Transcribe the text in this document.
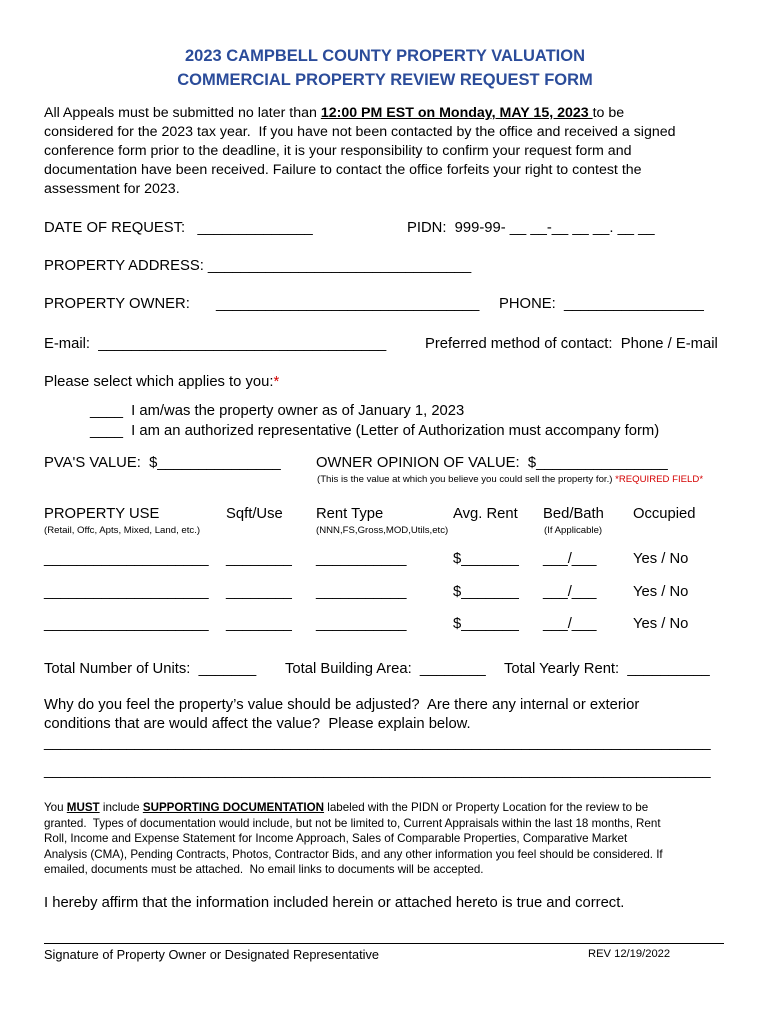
2023 CAMPBELL COUNTY PROPERTY VALUATION
COMMERCIAL PROPERTY REVIEW REQUEST FORM
All Appeals must be submitted no later than 12:00 PM EST on Monday, MAY 15, 2023 to be
considered for the 2023 tax year.  If you have not been contacted by the office and received a signed
conference form prior to the deadline, it is your responsibility to confirm your request form and
documentation have been received. Failure to contact the office forfeits your right to contest the
assessment for 2023.
DATE OF REQUEST:   ______________	PIDN:  999-99- __ __-__ __ __. __ __
PROPERTY ADDRESS: ________________________________
PROPERTY OWNER: ________________________________ PHONE:  _________________
E-mail:  ___________________________________	Preferred method of contact:  Phone / E-mail
Please select which applies to you:*
____  I am/was the property owner as of January 1, 2023
____  I am an authorized representative (Letter of Authorization must accompany form)
PVA'S VALUE:  $_______________ OWNER OPINION OF VALUE:  $________________
(This is the value at which you believe you could sell the property for.) *REQUIRED FIELD*
PROPERTY USE	Sqft/Use Rent Type	Avg. Rent Bed/Bath Occupied
(Retail, Offc, Apts, Mixed, Land, etc.)	(NNN,FS,Gross,MOD,Utils,etc)	(If Applicable)
____________________ ________ ___________	$_______ ___/___ Yes / No
____________________ ________ ___________	$_______ ___/___ Yes / No
____________________ ________ ___________	$_______ ___/___ Yes / No
Total Number of Units:  _______ Total Building Area:  ________ Total Yearly Rent:  __________
Why do you feel the property’s value should be adjusted?  Are there any internal or exterior
conditions that are would affect the value?  Please explain below.
_________________________________________________________________________________
_________________________________________________________________________________
You MUST include SUPPORTING DOCUMENTATION labeled with the PIDN or Property Location for the review to be
granted.  Types of documentation would include, but not be limited to, Current Appraisals within the last 18 months, Rent
Roll, Income and Expense Statement for Income Approach, Sales of Comparable Properties, Comparative Market
Analysis (CMA), Pending Contracts, Photos, Contractor Bids, and any other information you feel should be considered. If
emailed, documents must be attached.  No email links to documents will be accepted.
I hereby affirm that the information included herein or attached hereto is true and correct.
Signature of Property Owner or Designated Representative	REV 12/19/2022
